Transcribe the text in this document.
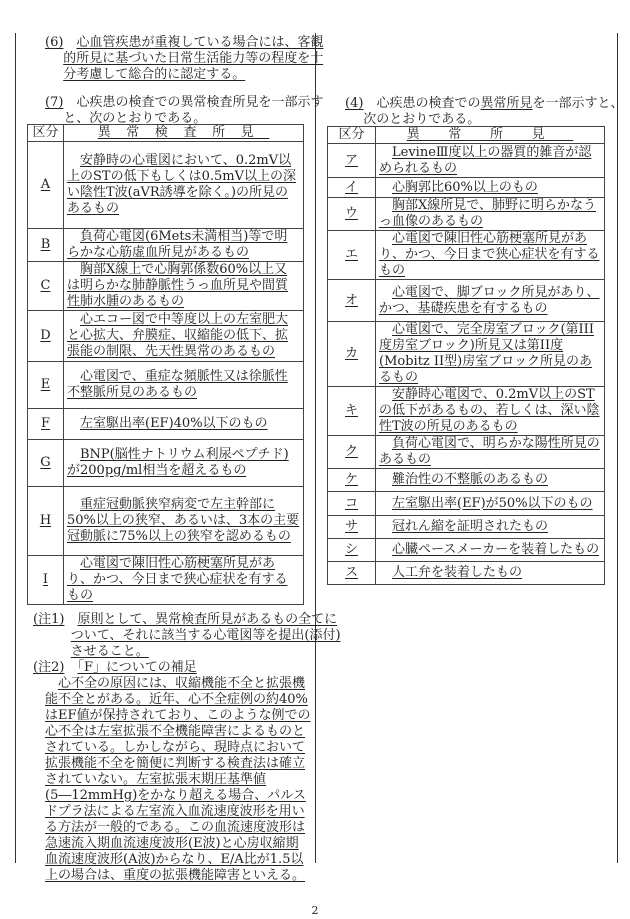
(6)　 心血管疾患が重複している場合には、客観的所見に基づいた日常生活能力等の程度を十分考慮して総合的に認定する。
(7)　 心疾患の検査での異常検査所見を一部示すと、次のとおりである。
区分	異常検査所見
A	安静時の心電図において、0.2mV以上のSTの低下もしくは0.5mV以上の深い陰性T波(aVR誘導を除く。)の所見のあるもの
B	負荷心電図(6Mets未満相当)等で明らかな心筋虚血所見があるもの
C	胸部X線上で心胸郭係数60%以上又は明らかな肺静脈性うっ血所見や間質性肺水腫のあるもの
D	心エコー図で中等度以上の左室肥大と心拡大、弁膜症、収縮能の低下、拡張能の制限、先天性異常のあるもの
E	心電図で、重症な頻脈性又は徐脈性不整脈所見のあるもの
F	左室駆出率(EF)40%以下のもの
G	BNP(脳性ナトリウム利尿ペプチド)が200pg/ml相当を超えるもの
H	重症冠動脈狭窄病変で左主幹部に50%以上の狭窄、あるいは、3本の主要冠動脈に75%以上の狭窄を認めるもの
I	心電図で陳旧性心筋梗塞所見があり、かつ、今日まで狭心症状を有するもの
(注1)　 原則として、異常検査所見があるもの全てについて、それに該当する心電図等を提出(添付)させること。
(注2)　 「F」についての補足
心不全の原因には、収縮機能不全と拡張機能不全とがある。近年、心不全症例の約40%はEF値が保持されており、このような例での心不全は左室拡張不全機能障害によるものとされている。しかしながら、現時点において拡張機能不全を簡便に判断する検査法は確立されていない。左室拡張末期圧基準値(5―12mmHg)をかなり超える場合、パルスドプラ法による左室流入血流速度波形を用いる方法が一般的である。この血流速度波形は急速流入期血流速度波形(E波)と心房収縮期血流速度波形(A波)からなり、E/A比が1.5以上の場合は、重度の拡張機能障害といえる。
(4)　 心疾患の検査での異常所見を一部示すと、次のとおりである。
区分	異常所見
ア	LevineⅢ度以上の器質的雑音が認められるもの
イ	心胸郭比60%以上のもの
ウ	胸部X線所見で、肺野に明らかなうっ血像のあるもの
エ	心電図で陳旧性心筋梗塞所見があり、かつ、今日まで狭心症状を有するもの
オ	心電図で、脚ブロック所見があり、かつ、基礎疾患を有するもの
カ	心電図で、完全房室ブロック(第III度房室ブロック)所見又は第II度(Mobitz II型)房室ブロック所見のあるもの
キ	安静時心電図で、0.2mV以上のSTの低下があるもの、若しくは、深い陰性T波の所見のあるもの
ク	負荷心電図で、明らかな陽性所見のあるもの
ケ	難治性の不整脈のあるもの
コ	左室駆出率(EF)が50%以下のもの
サ	冠れん縮を証明されたもの
シ	心臓ペースメーカーを装着したもの
ス	人工弁を装着したもの
2
